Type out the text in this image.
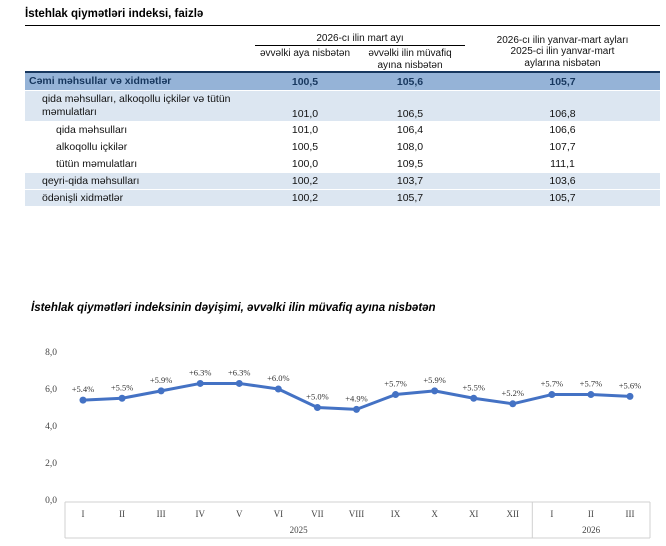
İstehlak qiymətləri indeksi, faizlə
2026-cı ilin mart ayı
əvvəlki aya nisbətən	əvvəlki ilin müvafiq ayına nisbətən
2026-cı ilin yanvar-mart ayları
2025-ci ilin yanvar-mart
aylarına nisbətən
Cəmi məhsullar və xidmətlər	100,5	105,6	105,7
qida məhsulları, alkoqollu içkilər və tütün məmulatları	101,0	106,5	106,8
qida məhsulları	101,0	106,4	106,6
alkoqollu içkilər	100,5	108,0	107,7
tütün məmulatları	100,0	109,5	111,1
qeyri-qida məhsulları	100,2	103,7	103,6
ödənişli xidmətlər	100,2	105,7	105,7
İstehlak qiymətləri indeksinin dəyişimi, əvvəlki ilin müvafiq ayına nisbətən
8,0
6,0
4,0
2,0
0,0
I	II	III	IV	V	VI	VII	VIII	IX	X	XI	XII	I	II	III
2025	2026
+5.4% +5.5%
+5.9%
+6.3% +6.3%
+6.0%
+5.0% +4.9%
+5.7% +5.9%
+5.5%
+5.2%
+5.7% +5.7% +5.6%
